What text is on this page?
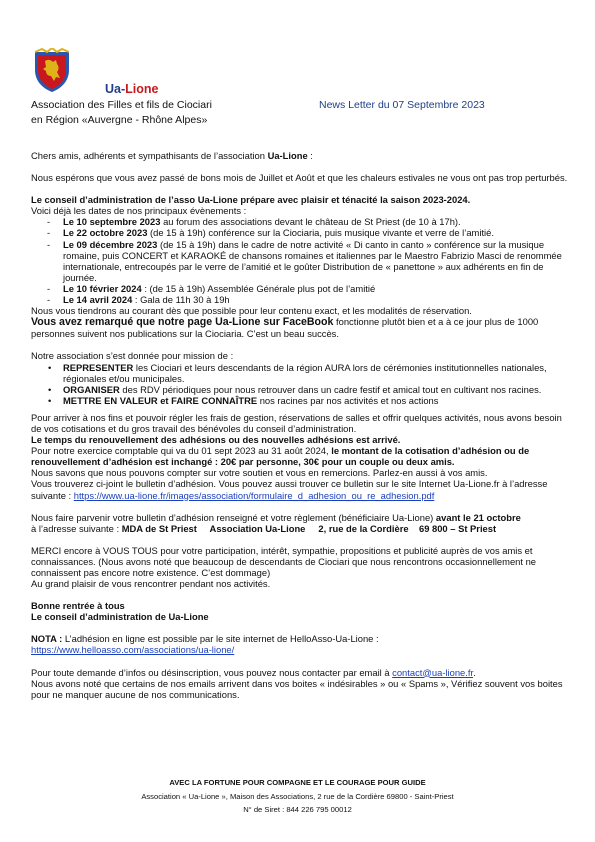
Ua-Lione
Association des Filles et fils de Ciociari
en Région «Auvergne - Rhône Alpes»
News Letter du 07 Septembre 2023

Chers amis, adhérents et sympathisants de l’association Ua-Lione :

Nous espérons que vous avez passé de bons mois de Juillet et Août et que les chaleurs estivales ne vous ont pas trop perturbés.

Le conseil d’administration de l’asso Ua-Lione prépare avec plaisir et ténacité la saison 2023-2024.

Voici déjà les dates de nos principaux évènements :

- Le 10 septembre 2023 au forum des associations devant le château de St Priest (de 10 à 17h).
- Le 22 octobre 2023 (de 15 à 19h) conférence sur la Ciociaria, puis musique vivante et verre de l’amitié.
- Le 09 décembre 2023 (de 15 à 19h) dans le cadre de notre activité « Di canto in canto » conférence sur la musique romaine, puis CONCERT et KARAOKÉ de chansons romaines et italiennes par le Maestro Fabrizio Masci de renommée internationale, entrecoupés par le verre de l’amitié et le goûter Distribution de « panettone » aux adhérents en fin de journée.
- Le 10 février 2024 : (de 15 à 19h) Assemblée Générale plus pot de l’amitié
- Le 14 avril 2024 : Gala de 11h 30 à 19h

Nous vous tiendrons au courant dès que possible pour leur contenu exact, et les modalités de réservation.

Vous avez remarqué que notre page Ua-Lione sur FaceBook fonctionne plutôt bien et a à ce jour plus de 1000 personnes suivent nos publications sur la Ciociaria. C’est un beau succès.

Notre association s’est donnée pour mission de :

• REPRESENTER les Ciociari et leurs descendants de la région AURA lors de cérémonies institutionnelles nationales, régionales et/ou municipales.
• ORGANISER des RDV périodiques pour nous retrouver dans un cadre festif et amical tout en cultivant nos racines.
• METTRE EN VALEUR et FAIRE CONNAÎTRE nos racines par nos activités et nos actions

Pour arriver à nos fins et pouvoir régler les frais de gestion, réservations de salles et offrir quelques activités, nous avons besoin de vos cotisations et du gros travail des bénévoles du conseil d’administration.

Le temps du renouvellement des adhésions ou des nouvelles adhésions est arrivé.

Pour notre exercice comptable qui va du 01 sept 2023 au 31 août 2024, le montant de la cotisation d’adhésion ou de renouvellement d’adhésion est inchangé : 20€ par personne, 30€ pour un couple ou deux amis.

Nous savons que nous pouvons compter sur votre soutien et vous en remercions. Parlez-en aussi à vos amis.

Vous trouverez ci-joint le bulletin d’adhésion. Vous pouvez aussi trouver ce bulletin sur le site Internet Ua-Lione.fr à l’adresse suivante : https://www.ua-lione.fr/images/association/formulaire_d_adhesion_ou_re_adhesion.pdf

Nous faire parvenir votre bulletin d’adhésion renseigné et votre règlement (bénéficiaire Ua-Lione) avant le 21 octobre

à l’adresse suivante : MDA de St Priest     Association Ua-Lione     2, rue de la Cordière    69 800 – St Priest

MERCI encore à VOUS TOUS pour votre participation, intérêt, sympathie, propositions et publicité auprès de vos amis et connaissances. (Nous avons noté que beaucoup de descendants de Ciociari que nous rencontrons occasionnellement ne connaissent pas encore notre existence. C’est dommage)

Au grand plaisir de vous rencontrer pendant nos activités.

Bonne rentrée à tous

Le conseil d’administration de Ua-Lione

NOTA : L’adhésion en ligne est possible par le site internet de HelloAsso-Ua-Lione :

https://www.helloasso.com/associations/ua-lione/

Pour toute demande d’infos ou désinscription, vous pouvez nous contacter par email à contact@ua-lione.fr.

Nous avons noté que certains de nos emails arrivent dans vos boites « indésirables » ou « Spams », Vérifiez souvent vos boites pour ne manquer aucune de nos communications.

AVEC LA FORTUNE POUR COMPAGNE ET LE COURAGE POUR GUIDE
Association « Ua-Lione », Maison des Associations, 2 rue de la Cordière 69800 - Saint-Priest
N° de Siret : 844 226 795 00012
